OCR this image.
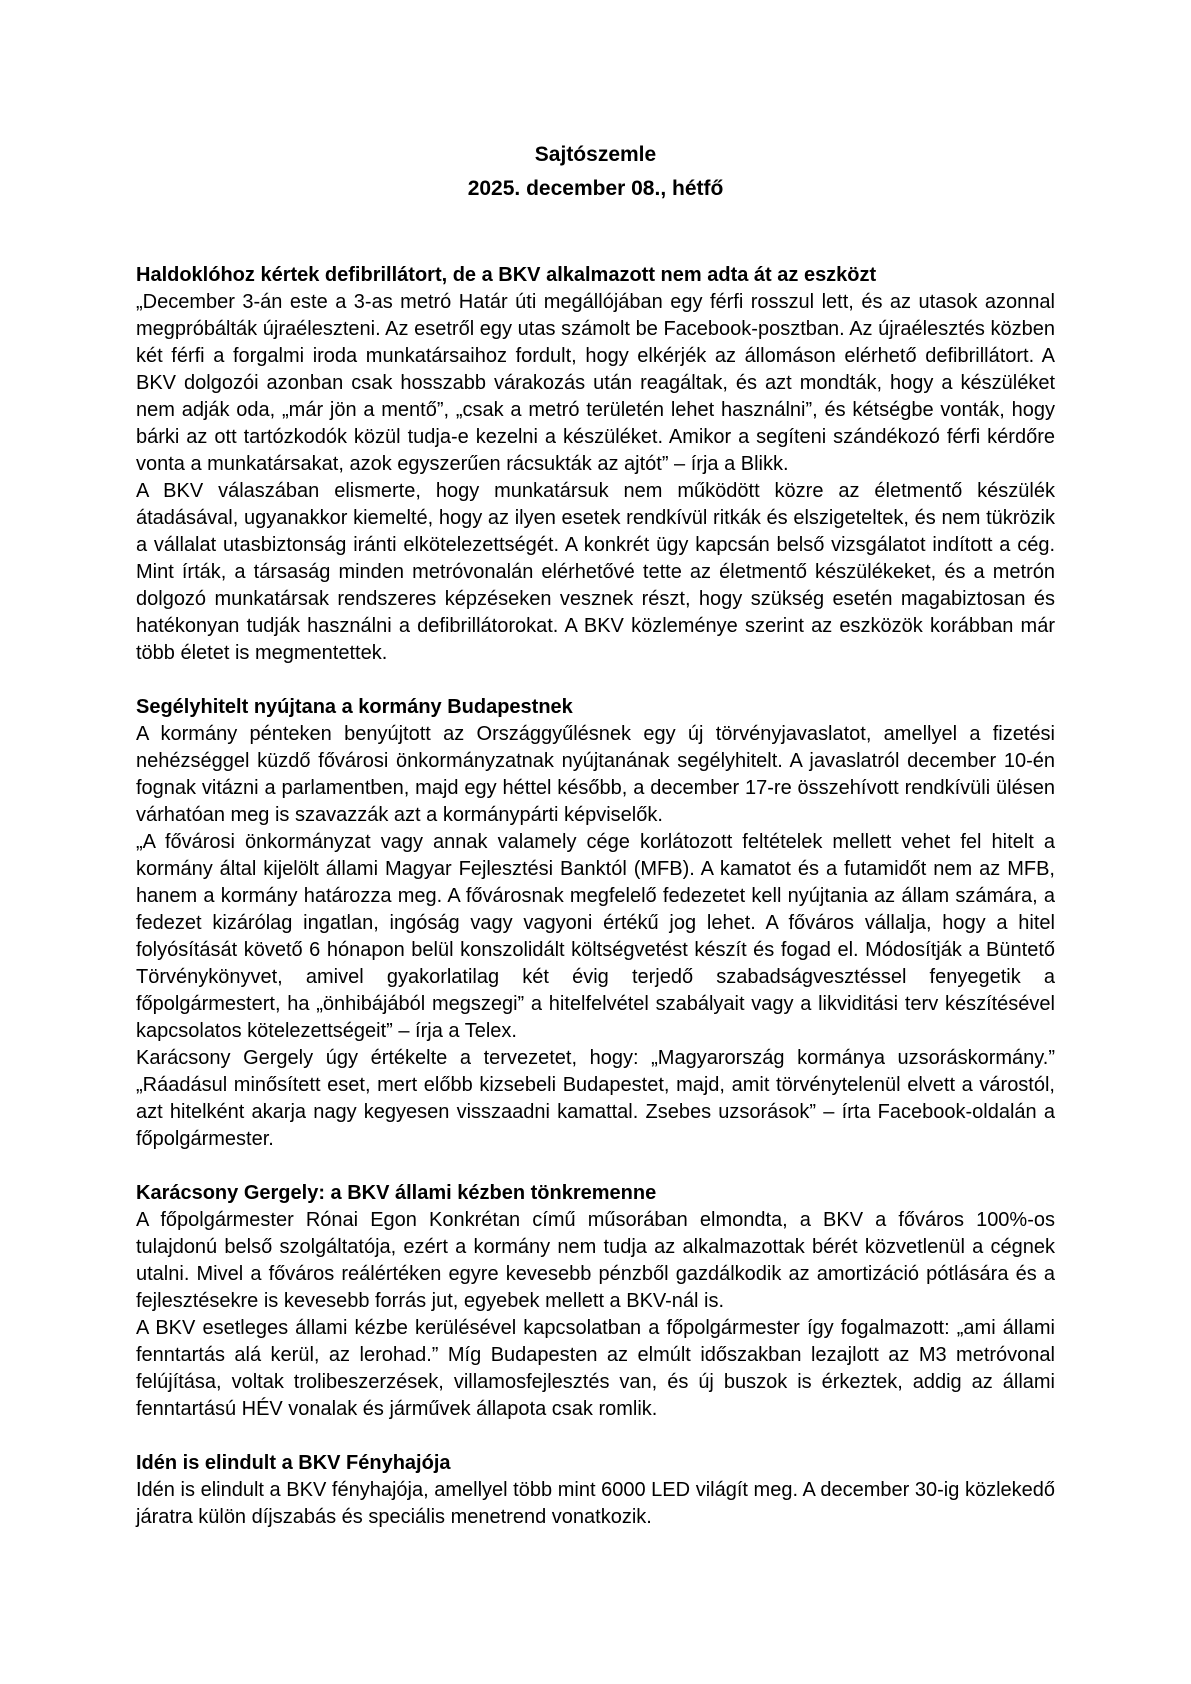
Sajtószemle
2025. december 08., hétfő
Haldoklóhoz kértek defibrillátort, de a BKV alkalmazott nem adta át az eszközt

„December 3-án este a 3-as metró Határ úti megállójában egy férfi rosszul lett, és az utasok azonnal megpróbálták újraéleszteni. Az esetről egy utas számolt be Facebook-posztban. Az újraélesztés közben két férfi a forgalmi iroda munkatársaihoz fordult, hogy elkérjék az állomáson elérhető defibrillátort. A BKV dolgozói azonban csak hosszabb várakozás után reagáltak, és azt mondták, hogy a készüléket nem adják oda, „már jön a mentő”, „csak a metró területén lehet használni”, és kétségbe vonták, hogy bárki az ott tartózkodók közül tudja-e kezelni a készüléket. Amikor a segíteni szándékozó férfi kérdőre vonta a munkatársakat, azok egyszerűen rácsukták az ajtót” – írja a Blikk.

A BKV válaszában elismerte, hogy munkatársuk nem működött közre az életmentő készülék átadásával, ugyanakkor kiemelté, hogy az ilyen esetek rendkívül ritkák és elszigeteltek, és nem tükrözik a vállalat utasbiztonság iránti elkötelezettségét. A konkrét ügy kapcsán belső vizsgálatot indított a cég. Mint írták, a társaság minden metróvonalán elérhetővé tette az életmentő készülékeket, és a metrón dolgozó munkatársak rendszeres képzéseken vesznek részt, hogy szükség esetén magabiztosan és hatékonyan tudják használni a defibrillátorokat. A BKV közleménye szerint az eszközök korábban már több életet is megmentettek.

Segélyhitelt nyújtana a kormány Budapestnek

A kormány pénteken benyújtott az Országgyűlésnek egy új törvényjavaslatot, amellyel a fizetési nehézséggel küzdő fővárosi önkormányzatnak nyújtanának segélyhitelt. A javaslatról december 10-én fognak vitázni a parlamentben, majd egy héttel később, a december 17-re összehívott rendkívüli ülésen várhatóan meg is szavazzák azt a kormánypárti képviselők.

„A fővárosi önkormányzat vagy annak valamely cége korlátozott feltételek mellett vehet fel hitelt a kormány által kijelölt állami Magyar Fejlesztési Banktól (MFB). A kamatot és a futamidőt nem az MFB, hanem a kormány határozza meg. A fővárosnak megfelelő fedezetet kell nyújtania az állam számára, a fedezet kizárólag ingatlan, ingóság vagy vagyoni értékű jog lehet. A főváros vállalja, hogy a hitel folyósítását követő 6 hónapon belül konszolidált költségvetést készít és fogad el. Módosítják a Büntető Törvénykönyvet, amivel gyakorlatilag két évig terjedő szabadságvesztéssel fenyegetik a főpolgármestert, ha „önhibájából megszegi” a hitelfelvétel szabályait vagy a likviditási terv készítésével kapcsolatos kötelezettségeit” – írja a Telex.

Karácsony Gergely úgy értékelte a tervezetet, hogy: „Magyarország kormánya uzsoráskormány.” „Ráadásul minősített eset, mert előbb kizsebeli Budapestet, majd, amit törvénytelenül elvett a várostól, azt hitelként akarja nagy kegyesen visszaadni kamattal. Zsebes uzsorások” – írta Facebook-oldalán a főpolgármester.

Karácsony Gergely: a BKV állami kézben tönkremenne

A főpolgármester Rónai Egon Konkrétan című műsorában elmondta, a BKV a főváros 100%-os tulajdonú belső szolgáltatója, ezért a kormány nem tudja az alkalmazottak bérét közvetlenül a cégnek utalni. Mivel a főváros reálértéken egyre kevesebb pénzből gazdálkodik az amortizáció pótlására és a fejlesztésekre is kevesebb forrás jut, egyebek mellett a BKV-nál is.

A BKV esetleges állami kézbe kerülésével kapcsolatban a főpolgármester így fogalmazott: „ami állami fenntartás alá kerül, az lerohad.” Míg Budapesten az elmúlt időszakban lezajlott az M3 metróvonal felújítása, voltak trolibeszerzések, villamosfejlesztés van, és új buszok is érkeztek, addig az állami fenntartású HÉV vonalak és járművek állapota csak romlik.

Idén is elindult a BKV Fényhajója

Idén is elindult a BKV fényhajója, amellyel több mint 6000 LED világít meg. A december 30-ig közlekedő járatra külön díjszabás és speciális menetrend vonatkozik.
